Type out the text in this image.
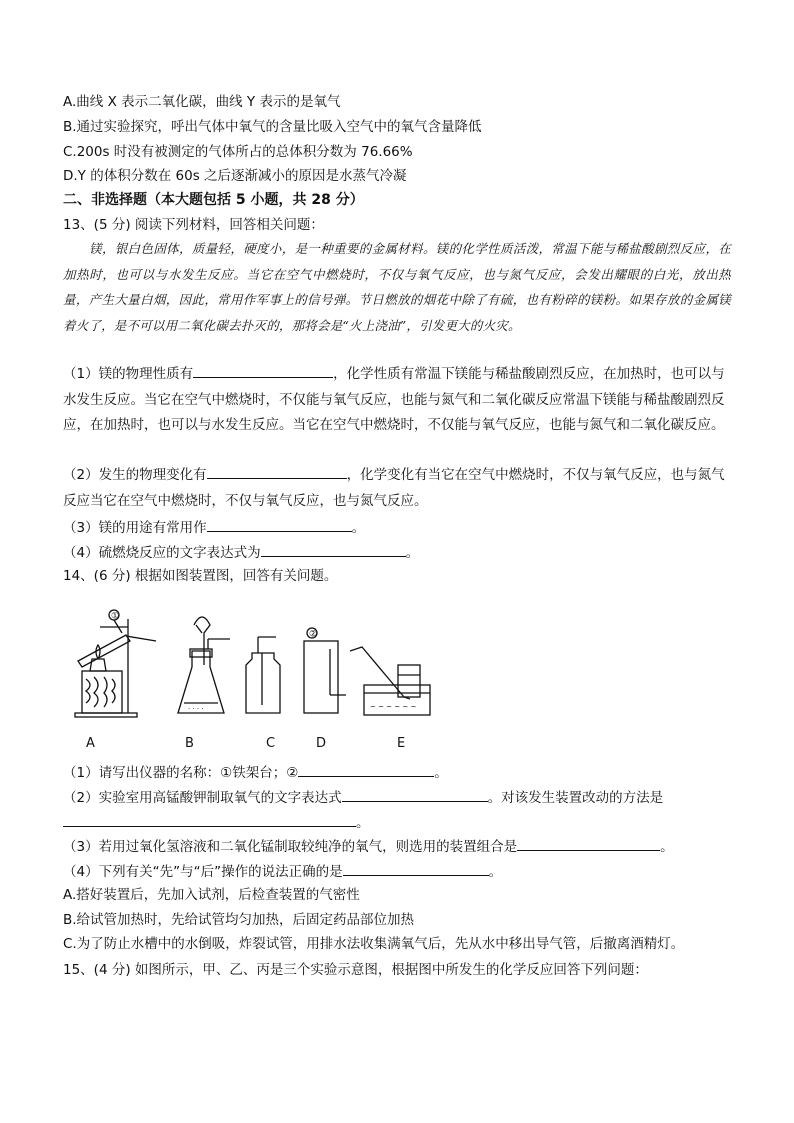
A.曲线 X 表示二氧化碳，曲线 Y 表示的是氧气
B.通过实验探究，呼出气体中氧气的含量比吸入空气中的氧气含量降低
C.200s 时没有被测定的气体所占的总体积分数为 76.66%
D.Y 的体积分数在 60s 之后逐渐减小的原因是水蒸气冷凝
二、非选择题（本大题包括 5 小题，共 28 分）
13、(5 分) 阅读下列材料，回答相关问题：
镁，银白色固体，质量轻，硬度小，是一种重要的金属材料。镁的化学性质活泼，常温下能与稀盐酸剧烈反应，在加热时，也可以与水发生反应。当它在空气中燃烧时，不仅与氧气反应，也与氮气反应，会发出耀眼的白光，放出热量，产生大量白烟，因此，常用作军事上的信号弹。节日燃放的烟花中除了有硫，也有粉碎的镁粉。如果存放的金属镁着火了，是不可以用二氧化碳去扑灭的，那将会是“火上浇油”，引发更大的火灾。
（1）镁的物理性质有	，化学性质有常温下镁能与稀盐酸剧烈反应，在加热时，也可以与水发生反应。当它在空气中燃烧时，不仅能与氧气反应，也能与氮气和二氧化碳反应常温下镁能与稀盐酸剧烈反应，在加热时，也可以与水发生反应。当它在空气中燃烧时，不仅能与氧气反应，也能与氮气和二氧化碳反应。
（2）发生的物理变化有	，化学变化有当它在空气中燃烧时，不仅与氧气反应，也与氮气反应当它在空气中燃烧时，不仅与氧气反应，也与氮气反应。
（3）镁的用途有常用作	。
（4）硫燃烧反应的文字表达式为	。
14、(6 分) 根据如图装置图，回答有关问题。
①
· · · ·
②
~ ~ ~ ~ ~ ~
A	B	C	D	E
（1）请写出仪器的名称：①铁架台；②	。
（2）实验室用高锰酸钾制取氧气的文字表达式	。对该发生装置改动的方法是
。
（3）若用过氧化氢溶液和二氧化锰制取较纯净的氧气，则选用的装置组合是	。
（4）下列有关“先”与“后”操作的说法正确的是	。
A.搭好装置后，先加入试剂，后检查装置的气密性
B.给试管加热时，先给试管均匀加热，后固定药品部位加热
C.为了防止水槽中的水倒吸，炸裂试管，用排水法收集满氧气后，先从水中移出导气管，后撤离酒精灯。
15、(4 分) 如图所示，甲、乙、丙是三个实验示意图，根据图中所发生的化学反应回答下列问题：
